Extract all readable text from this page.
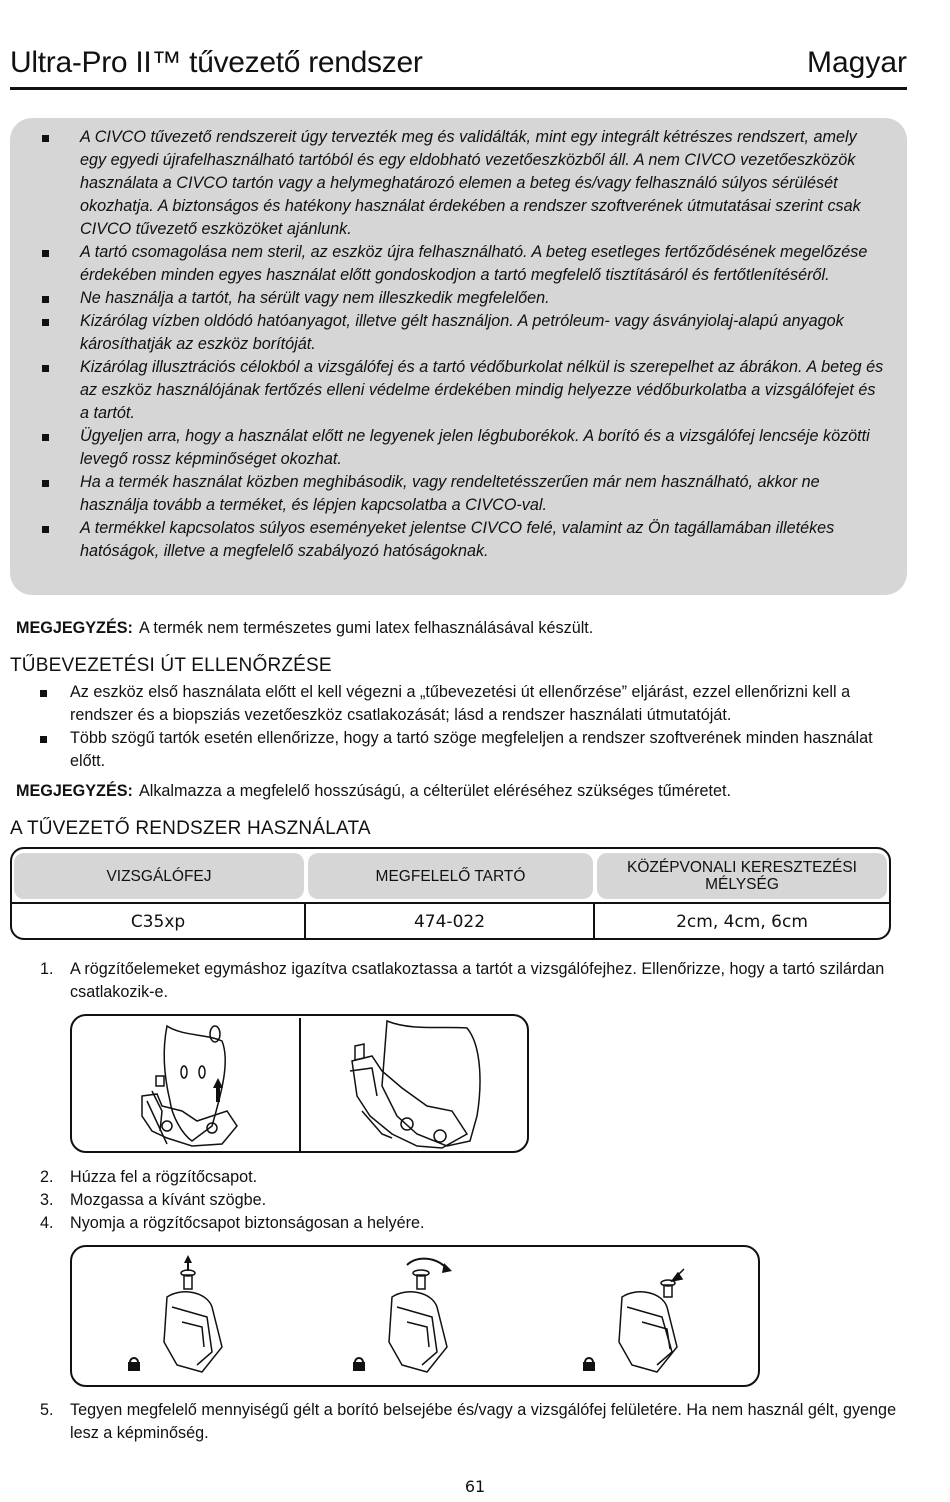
Ultra-Pro II™ tűvezető rendszer	Magyar
A CIVCO tűvezető rendszereit úgy tervezték meg és validálták, mint egy integrált kétrészes rendszert, amely egy egyedi újrafelhasználható tartóból és egy eldobható vezetőeszközből áll. A nem CIVCO vezetőeszközök használata a CIVCO tartón vagy a helymeghatározó elemen a beteg és/vagy felhasználó súlyos sérülését okozhatja. A biztonságos és hatékony használat érdekében a rendszer szoftverének útmutatásai szerint csak CIVCO tűvezető eszközöket ajánlunk.
A tartó csomagolása nem steril, az eszköz újra felhasználható. A beteg esetleges fertőződésének megelőzése érdekében minden egyes használat előtt gondoskodjon a tartó megfelelő tisztításáról és fertőtlenítéséről.
Ne használja a tartót, ha sérült vagy nem illeszkedik megfelelően.
Kizárólag vízben oldódó hatóanyagot, illetve gélt használjon. A petróleum- vagy ásványiolaj-alapú anyagok károsíthatják az eszköz borítóját.
Kizárólag illusztrációs célokból a vizsgálófej és a tartó védőburkolat nélkül is szerepelhet az ábrákon. A beteg és az eszköz használójának fertőzés elleni védelme érdekében mindig helyezze védőburkolatba a vizsgálófejet és a tartót.
Ügyeljen arra, hogy a használat előtt ne legyenek jelen légbuborékok. A borító és a vizsgálófej lencséje közötti levegő rossz képminőséget okozhat.
Ha a termék használat közben meghibásodik, vagy rendeltetésszerűen már nem használható, akkor ne használja tovább a terméket, és lépjen kapcsolatba a CIVCO-val.
A termékkel kapcsolatos súlyos eseményeket jelentse CIVCO felé, valamint az Ön tagállamában illetékes hatóságok, illetve a megfelelő szabályozó hatóságoknak.
MEGJEGYZÉS: A termék nem természetes gumi latex felhasználásával készült.
TŰBEVEZETÉSI ÚT ELLENŐRZÉSE
Az eszköz első használata előtt el kell végezni a „tűbevezetési út ellenőrzése” eljárást, ezzel ellenőrizni kell a rendszer és a biopsziás vezetőeszköz csatlakozását; lásd a rendszer használati útmutatóját.
Több szögű tartók esetén ellenőrizze, hogy a tartó szöge megfeleljen a rendszer szoftverének minden használat előtt.
MEGJEGYZÉS: Alkalmazza a megfelelő hosszúságú, a célterület eléréséhez szükséges tűméretet.
A TŰVEZETŐ RENDSZER HASZNÁLATA
VIZSGÁLÓFEJ	MEGFELELŐ TARTÓ	KÖZÉPVONALI KERESZTEZÉSI MÉLYSÉG
C35xp	474-022	2cm, 4cm, 6cm
1. A rögzítőelemeket egymáshoz igazítva csatlakoztassa a tartót a vizsgálófejhez. Ellenőrizze, hogy a tartó szilárdan csatlakozik-e.
2. Húzza fel a rögzítőcsapot.
3. Mozgassa a kívánt szögbe.
4. Nyomja a rögzítőcsapot biztonságosan a helyére.
5. Tegyen megfelelő mennyiségű gélt a borító belsejébe és/vagy a vizsgálófej felületére. Ha nem használ gélt, gyenge lesz a képminőség.
61
